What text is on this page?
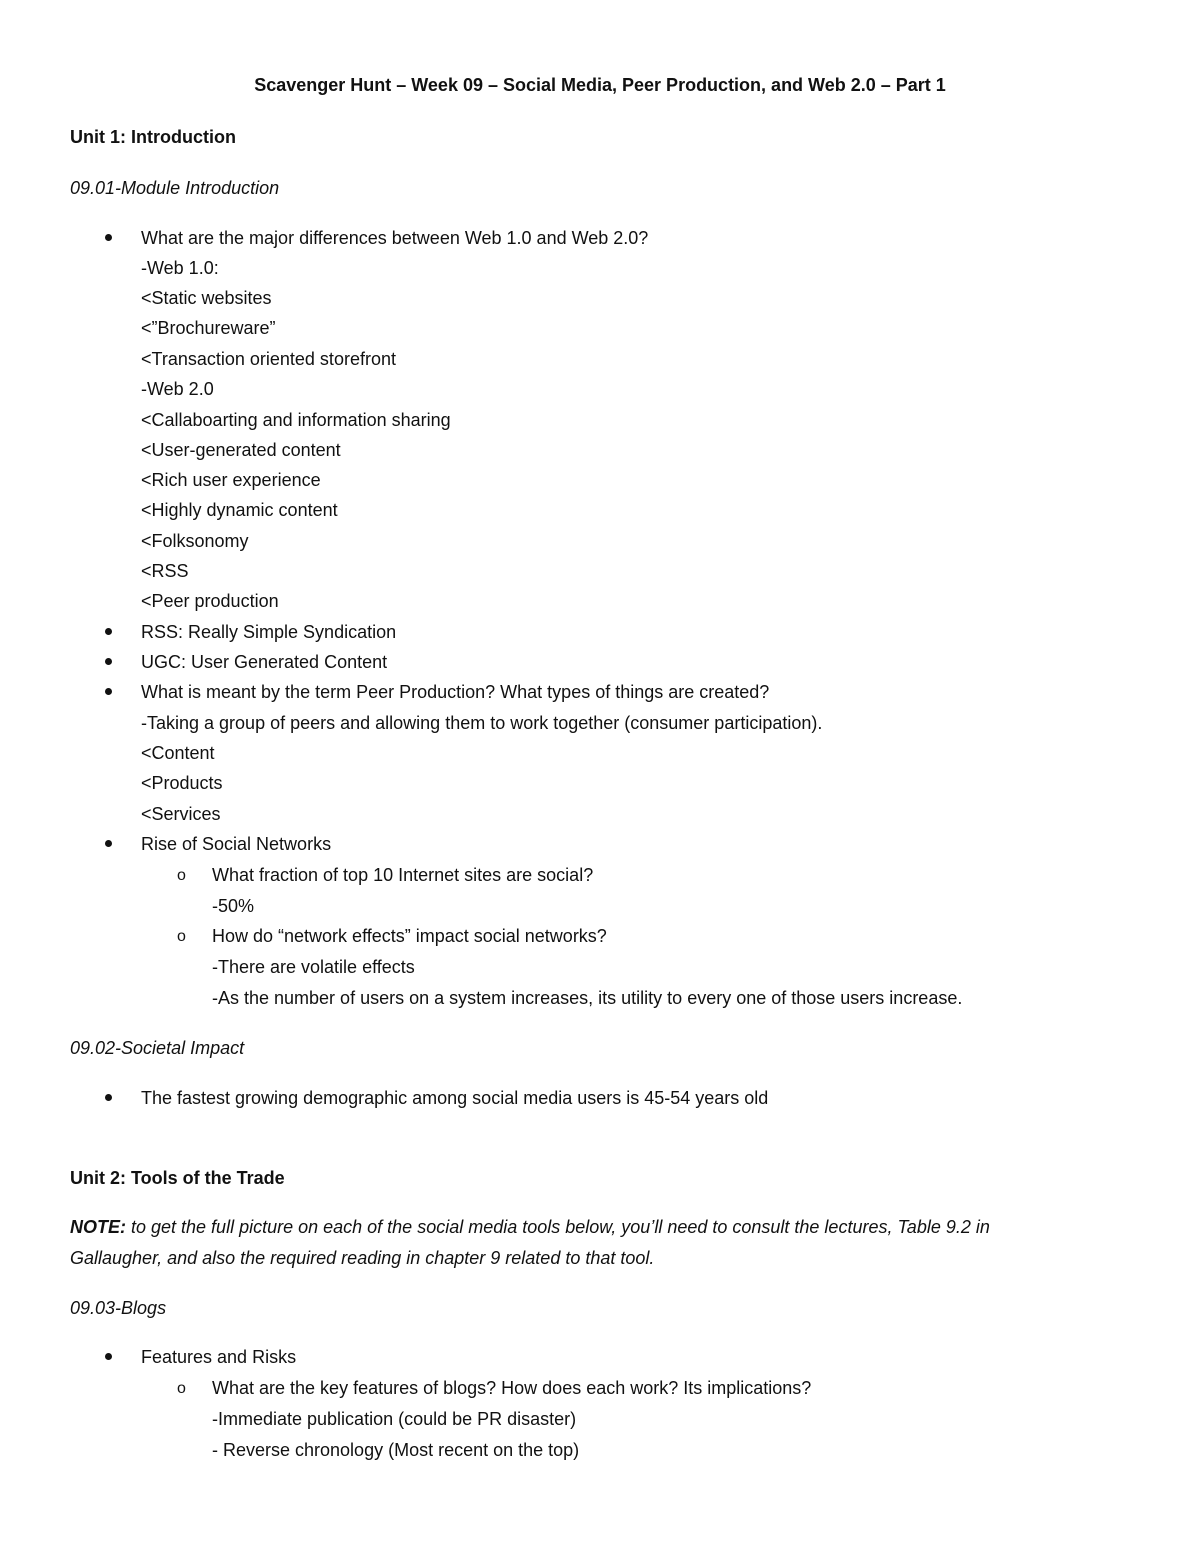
Scavenger Hunt – Week 09 – Social Media, Peer Production, and Web 2.0 – Part 1
Unit 1: Introduction
09.01-Module Introduction
What are the major differences between Web 1.0 and Web 2.0?
-Web 1.0:
<Static websites
<”Brochureware”
<Transaction oriented storefront
-Web 2.0
<Callaboarting and information sharing
<User-generated content
<Rich user experience
<Highly dynamic content
<Folksonomy
<RSS
<Peer production
RSS: Really Simple Syndication
UGC: User Generated Content
What is meant by the term Peer Production? What types of things are created?
-Taking a group of peers and allowing them to work together (consumer participation).
<Content
<Products
<Services
Rise of Social Networks
o What fraction of top 10 Internet sites are social?
-50%
o How do “network effects” impact social networks?
-There are volatile effects
-As the number of users on a system increases, its utility to every one of those users increase.
09.02-Societal Impact
The fastest growing demographic among social media users is 45-54 years old
Unit 2: Tools of the Trade
NOTE: to get the full picture on each of the social media tools below, you’ll need to consult the lectures, Table 9.2 in
Gallaugher, and also the required reading in chapter 9 related to that tool.
09.03-Blogs
Features and Risks
o What are the key features of blogs? How does each work? Its implications?
-Immediate publication (could be PR disaster)
- Reverse chronology (Most recent on the top)
